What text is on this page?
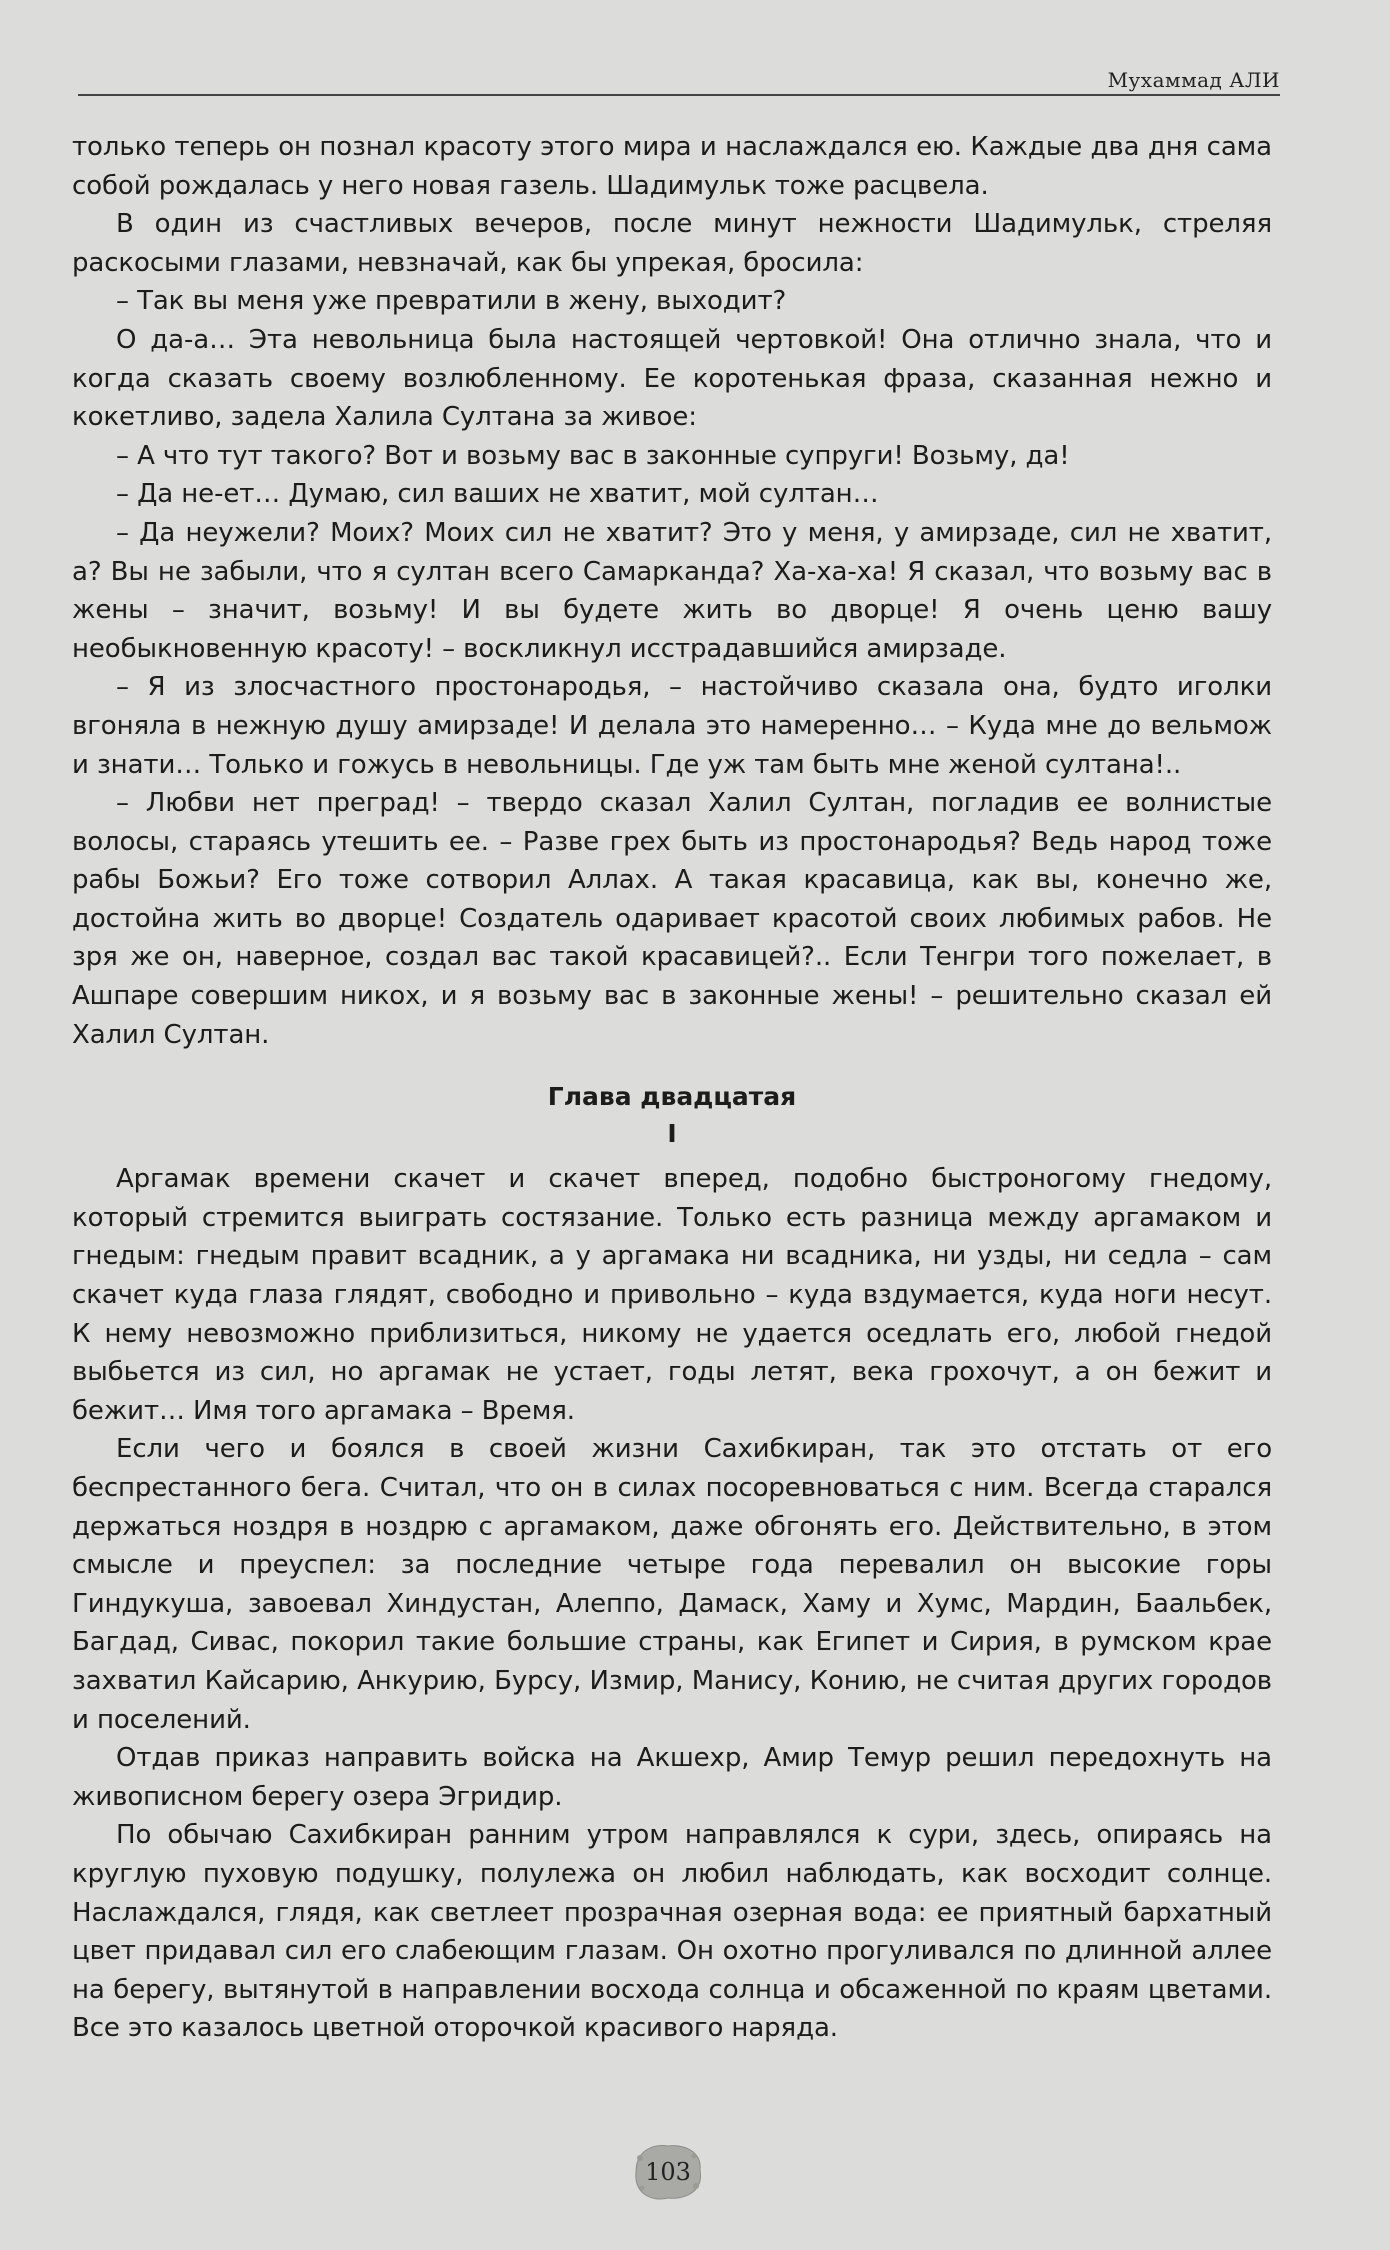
Мухаммад АЛИ

только теперь он познал красоту этого мира и наслаждался ею. Каждые два дня сама собой рождалась у него новая газель. Шадимульк тоже расцвела.

В один из счастливых вечеров, после минут нежности Шадимульк, стреляя раскосыми глазами, невзначай, как бы упрекая, бросила:

– Так вы меня уже превратили в жену, выходит?

О да-а… Эта невольница была настоящей чертовкой! Она отлично знала, что и когда сказать своему возлюбленному. Ее коротенькая фраза, сказанная нежно и кокетливо, задела Халила Султана за живое:

– А что тут такого? Вот и возьму вас в законные супруги! Возьму, да!

– Да не-ет… Думаю, сил ваших не хватит, мой султан…

– Да неужели? Моих? Моих сил не хватит? Это у меня, у амирзаде, сил не хватит, а? Вы не забыли, что я султан всего Самарканда? Ха-ха-ха! Я сказал, что возьму вас в жены – значит, возьму! И вы будете жить во дворце! Я очень ценю вашу необыкновенную красоту! – воскликнул исстрадавшийся амирзаде.

– Я из злосчастного простонародья, – настойчиво сказала она, будто иголки вгоняла в нежную душу амирзаде! И делала это намеренно… – Куда мне до вельмож и знати… Только и гожусь в невольницы. Где уж там быть мне женой султана!..

– Любви нет преград! – твердо сказал Халил Султан, погладив ее волнистые волосы, стараясь утешить ее. – Разве грех быть из простонародья? Ведь народ тоже рабы Божьи? Его тоже сотворил Аллах. А такая красавица, как вы, конечно же, достойна жить во дворце! Создатель одаривает красотой своих любимых рабов. Не зря же он, наверное, создал вас такой красавицей?.. Если Тенгри того пожелает, в Ашпаре совершим никох, и я возьму вас в законные жены! – решительно сказал ей Халил Султан.

Глава двадцатая
I

Аргамак времени скачет и скачет вперед, подобно быстроногому гнедому, который стремится выиграть состязание. Только есть разница между аргамаком и гнедым: гнедым правит всадник, а у аргамака ни всадника, ни узды, ни седла – сам скачет куда глаза глядят, свободно и привольно – куда вздумается, куда ноги несут. К нему невозможно приблизиться, никому не удается оседлать его, любой гнедой выбьется из сил, но аргамак не устает, годы летят, века грохочут, а он бежит и бежит… Имя того аргамака – Время.

Если чего и боялся в своей жизни Сахибкиран, так это отстать от его беспрестанного бега. Считал, что он в силах посоревноваться с ним. Всегда старался держаться ноздря в ноздрю с аргамаком, даже обгонять его. Действительно, в этом смысле и преуспел: за последние четыре года перевалил он высокие горы Гиндукуша, завоевал Хиндустан, Алеппо, Дамаск, Хаму и Хумс, Мардин, Баальбек, Багдад, Сивас, покорил такие большие страны, как Египет и Сирия, в румском крае захватил Кайсарию, Анкурию, Бурсу, Измир, Манису, Конию, не считая других городов и поселений.

Отдав приказ направить войска на Акшехр, Амир Темур решил передохнуть на живописном берегу озера Эгридир.

По обычаю Сахибкиран ранним утром направлялся к сури, здесь, опираясь на круглую пуховую подушку, полулежа он любил наблюдать, как восходит солнце. Наслаждался, глядя, как светлеет прозрачная озерная вода: ее приятный бархатный цвет придавал сил его слабеющим глазам. Он охотно прогуливался по длинной аллее на берегу, вытянутой в направлении восхода солнца и обсаженной по краям цветами. Все это казалось цветной оторочкой красивого наряда.

103
